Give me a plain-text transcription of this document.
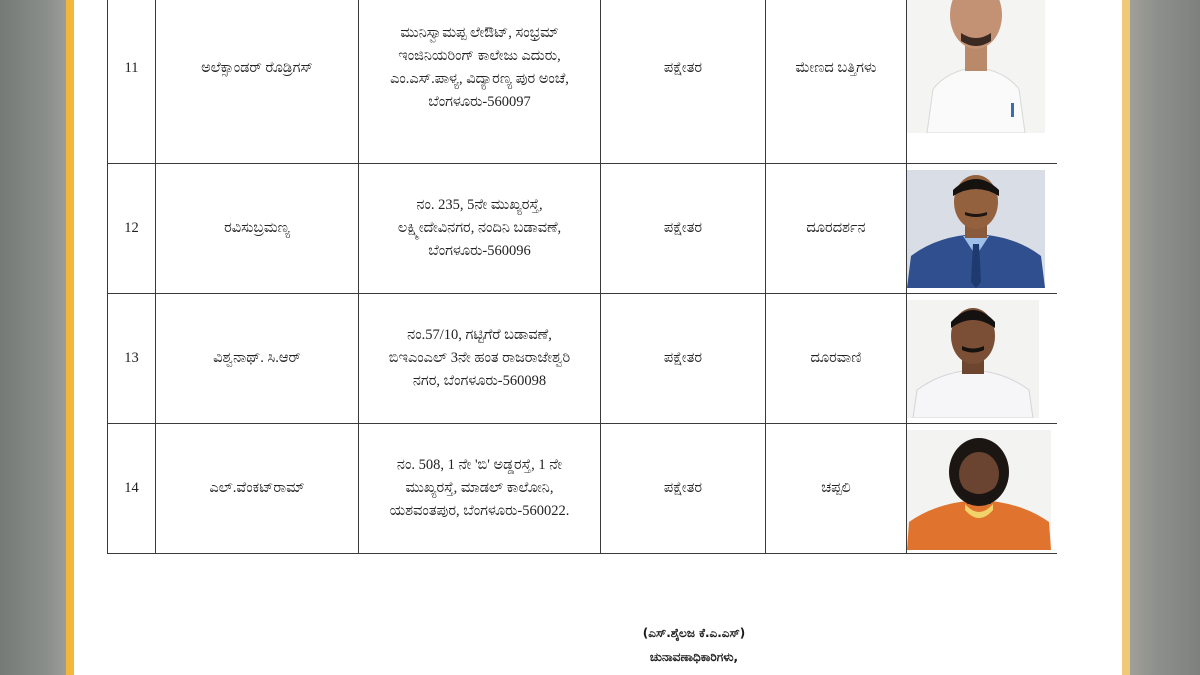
11	ಅಲೆಕ್ಸಾಂಡರ್ ರೊಡ್ರಿಗಸ್	ಮುನಿಸ್ವಾಮಪ್ಪ ಲೇಔಟ್, ಸಂಭ್ರಮ್ ಇಂಜಿನಿಯರಿಂಗ್ ಕಾಲೇಜು ಎದುರು, ಎಂ.ಎಸ್.ಪಾಳ್ಯ, ವಿದ್ಯಾರಣ್ಯ ಪುರ ಅಂಚೆ, ಬೆಂಗಳೂರು-560097	ಪಕ್ಷೇತರ	ಮೇಣದ ಬತ್ತಿಗಳು	

12	ರವಿಸುಬ್ರಮಣ್ಯ	ನಂ. 235, 5ನೇ ಮುಖ್ಯರಸ್ತೆ, ಲಕ್ಷ್ಮೀದೇವಿನಗರ, ನಂದಿನಿ ಬಡಾವಣೆ, ಬೆಂಗಳೂರು-560096	ಪಕ್ಷೇತರ	ದೂರದರ್ಶನ	

13	ವಿಶ್ವನಾಥ್. ಸಿ.ಆರ್	ನಂ.57/10, ಗಟ್ಟಿಗೆರೆ ಬಡಾವಣೆ, ಬಿಇಎಂಎಲ್ 3ನೇ ಹಂತ ರಾಜರಾಜೇಶ್ವರಿ ನಗರ, ಬೆಂಗಳೂರು-560098	ಪಕ್ಷೇತರ	ದೂರವಾಣಿ	

14	ಎಲ್.ವೆಂಕಟ್‌ರಾಮ್	ನಂ. 508, 1 ನೇ 'ಬಿ' ಅಡ್ಡರಸ್ತೆ, 1 ನೇ ಮುಖ್ಯರಸ್ತೆ, ಮಾಡಲ್ ಕಾಲೋನಿ, ಯಶವಂತಪುರ, ಬೆಂಗಳೂರು-560022.	ಪಕ್ಷೇತರ	ಚಪ್ಪಲಿ	
(ಎಸ್.ಶೈಲಜ ಕೆ.ಎ.ಎಸ್)
ಚುನಾವಣಾಧಿಕಾರಿಗಳು,
